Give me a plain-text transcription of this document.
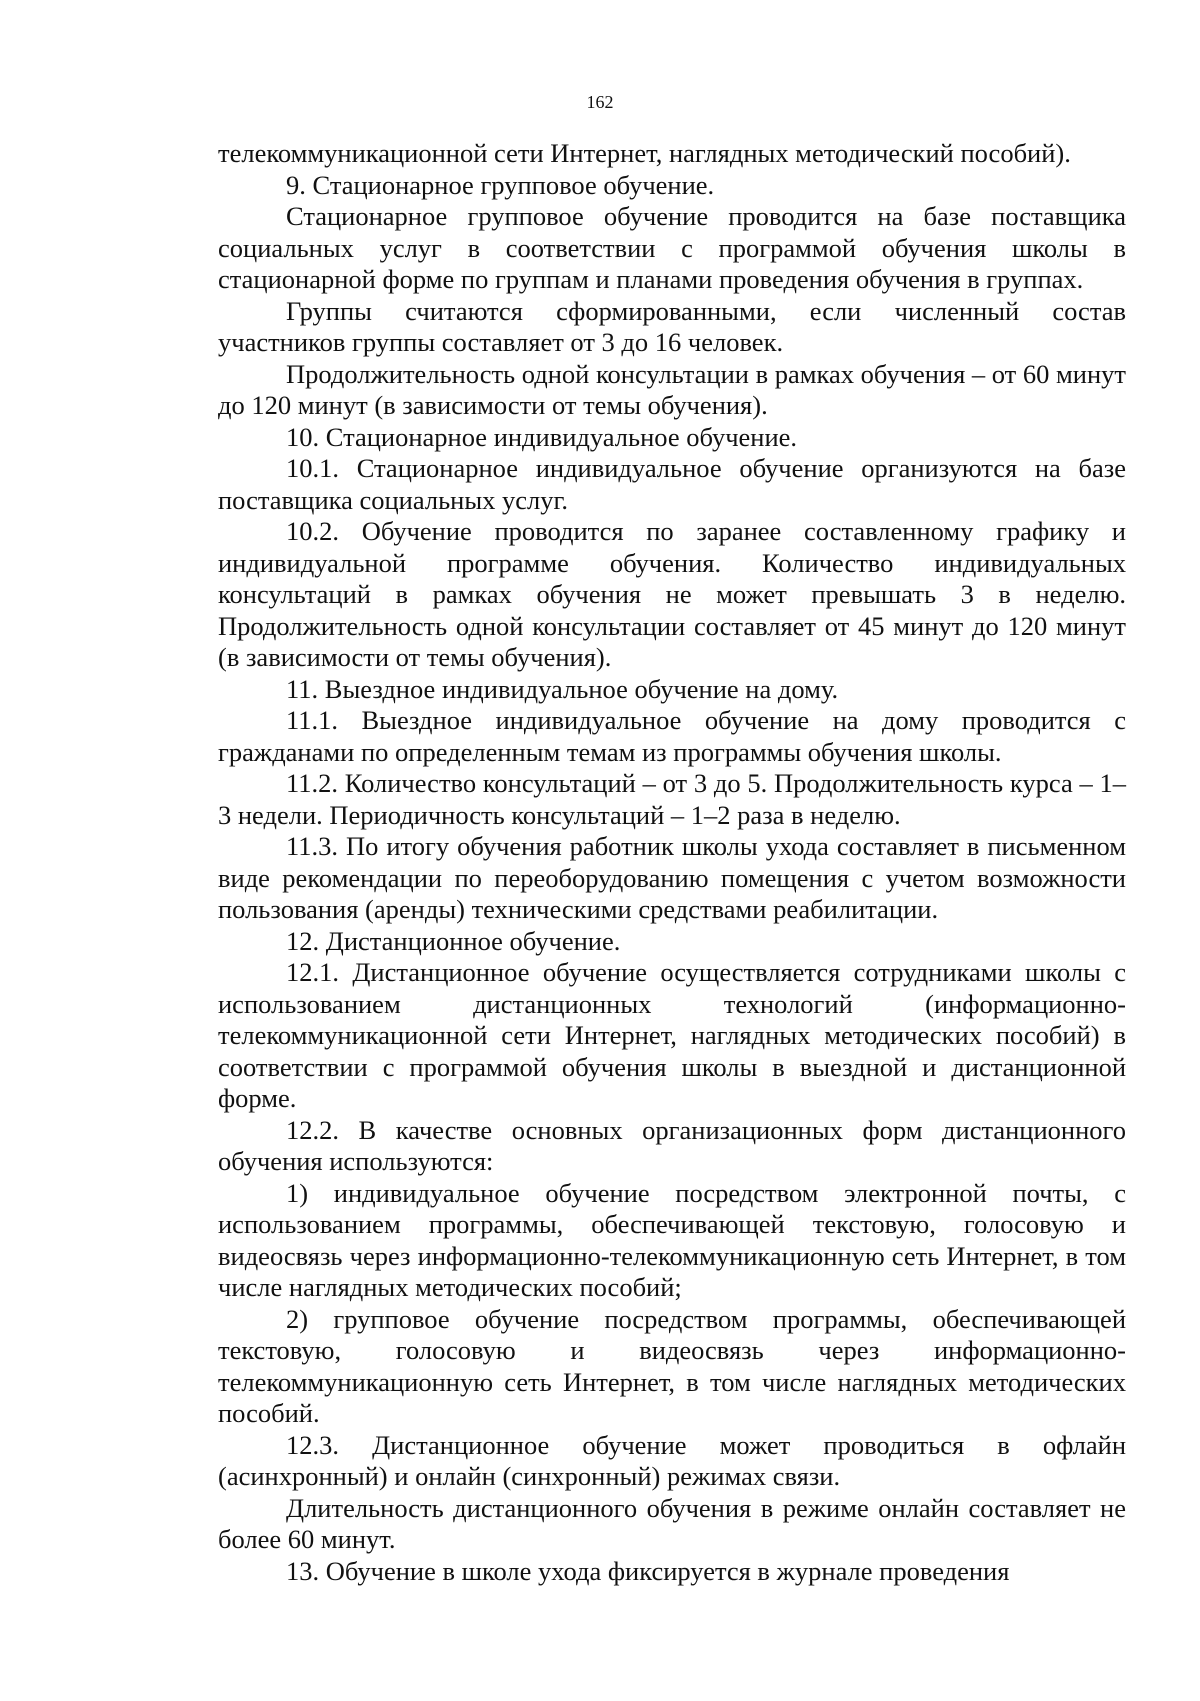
162

телекоммуникационной сети Интернет, наглядных методический пособий).

9. Стационарное групповое обучение.

Стационарное групповое обучение проводится на базе поставщика социальных услуг в соответствии с программой обучения школы в стационарной форме по группам и планами проведения обучения в группах.

Группы считаются сформированными, если численный состав участников группы составляет от 3 до 16 человек.

Продолжительность одной консультации в рамках обучения – от 60 минут до 120 минут (в зависимости от темы обучения).

10. Стационарное индивидуальное обучение.

10.1. Стационарное индивидуальное обучение организуются на базе поставщика социальных услуг.

10.2. Обучение проводится по заранее составленному графику и индивидуальной программе обучения. Количество индивидуальных консультаций в рамках обучения не может превышать 3 в неделю. Продолжительность одной консультации составляет от 45 минут до 120 минут (в зависимости от темы обучения).

11. Выездное индивидуальное обучение на дому.

11.1. Выездное индивидуальное обучение на дому проводится с гражданами по определенным темам из программы обучения школы.

11.2. Количество консультаций – от 3 до 5. Продолжительность курса – 1–3 недели. Периодичность консультаций – 1–2 раза в неделю.

11.3. По итогу обучения работник школы ухода составляет в письменном виде рекомендации по переоборудованию помещения с учетом возможности пользования (аренды) техническими средствами реабилитации.

12. Дистанционное обучение.

12.1. Дистанционное обучение осуществляется сотрудниками школы с использованием дистанционных технологий (информационно-телекоммуникационной сети Интернет, наглядных методических пособий) в соответствии с программой обучения школы в выездной и дистанционной форме.

12.2. В качестве основных организационных форм дистанционного обучения используются:

1) индивидуальное обучение посредством электронной почты, с использованием программы, обеспечивающей текстовую, голосовую и видеосвязь через информационно-телекоммуникационную сеть Интернет, в том числе наглядных методических пособий;

2) групповое обучение посредством программы, обеспечивающей текстовую, голосовую и видеосвязь через информационно-телекоммуникационную сеть Интернет, в том числе наглядных методических пособий.

12.3. Дистанционное обучение может проводиться в офлайн (асинхронный) и онлайн (синхронный) режимах связи.

Длительность дистанционного обучения в режиме онлайн составляет не более 60 минут.

13. Обучение в школе ухода фиксируется в журнале проведения
